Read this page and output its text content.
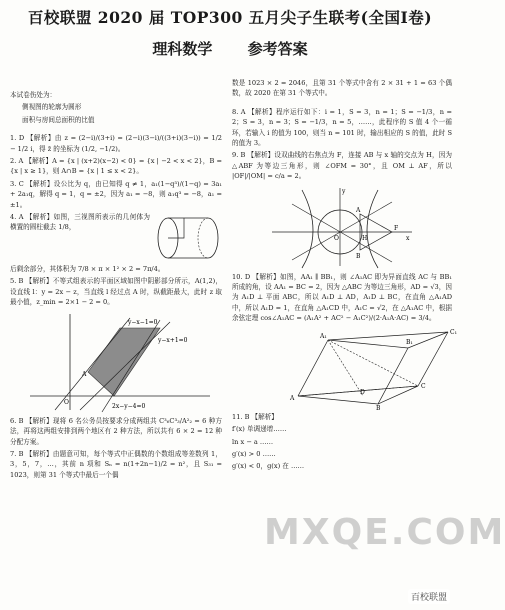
百校联盟 2020 届 TOP300 五月尖子生联考(全国Ⅰ卷)
理科数学 参考答案

本试卷伤处为：

侧视图的轮廓为圆形

面积与房间总面积的比值

1. D 【解析】由 z = (2−i)/(3+i) = (2−i)(3−i)/((3+i)(3−i)) = 1/2 − 1/2 i，得 z̄ 的坐标为 (1/2, −1/2)。

2. A 【解析】A = {x | (x+2)(x−2) < 0} = {x | −2 < x < 2}，B = {x | x ≥ 1}，则 A∩B = {x | 1 ≤ x < 2}。

3. C 【解析】设公比为 q，由已知得 q ≠ 1，a₁(1−q³)/(1−q) = 3a₁ + 2a₁q，解得 q = 1，q = ±2，因为 a₁ = −8，则 a₁q³ = −8，a₁ = ±1。

4. A 【解析】如图，三视图所表示的几何体为横置的圆柱截去 1/8，

后剩余部分，其体积为 7/8 × π × 1² × 2 = 7π/4。

5. B 【解析】不等式组表示的平面区域如图中阴影部分所示，A(1,2)，设直线 l：y = 2x − z，当直线 l 经过点 A 时，纵截距最大，此时 z 取最小值，z_min = 2×1 − 2 = 0。

y−x−1=0
y−x+1=0
2x−y−4=0
A
O

6. B 【解析】现将 6 名公务员按要求分成两组共 C³₆C³₃/A²₂ = 6 种方法，再将这两组安排到两个地区有 2 种方法，所以共有 6 × 2 = 12 种分配方案。

7. B 【解析】由题意可知，每个等式中正偶数的个数组成等差数列 1，3，5，7，…，其前 n 项和 Sₙ = n(1+2n−1)/2 = n²，且 S₃₁ = 1023，则第 31 个等式中最后一个偶

数是 1023 × 2 = 2046，且第 31 个等式中含有 2 × 31 + 1 = 63 个偶数，故 2020 在第 31 个等式中。

8. A 【解析】程序运行如下：i = 1，S = 3，n = 1；S = −1/3，n = 2；S = 3，n = 3；S = −1/3，n = 5，……，此程序的 S 值 4 个一循环，若输入 i 的值为 100，则当 n = 101 时，输出相应的 S 的值，此时 S 的值为 3。

9. B 【解析】设双曲线的右焦点为 F，连接 AB 与 x 轴的交点为 H，因为 △ABF 为等边三角形，则 ∠OFM = 30°，且 OM ⊥ AF，所以 |OF|/|OM| = c/a = 2。

y
x
O	H
F
A
B

10. D 【解析】如图，AA₁ ∥ BB₁，则 ∠A₁AC 即为异面直线 AC 与 BB₁ 所成的角，设 AA₁ = BC = 2，因为 △ABC 为等边三角形，AD = √3，因为 A₁D ⊥ 平面 ABC，所以 A₁D ⊥ AD，A₁D ⊥ BC，在直角 △A₁AD 中，所以 A₁D = 1，在直角 △A₁CD 中，A₁C = √2，在 △A₁AC 中，根据余弦定理 cos∠A₁AC = (A₁A² + AC² − A₁C²)/(2·A₁A·AC) = 3/4。

A₁
C₁
B₁
A
B
C
D

11. B 【解析】

f′(x) 单调递增……

ln x − a ……

g′(x) > 0 ……

g′(x) < 0，g(x) 在 ……

MXQE.COM
百校联盟
